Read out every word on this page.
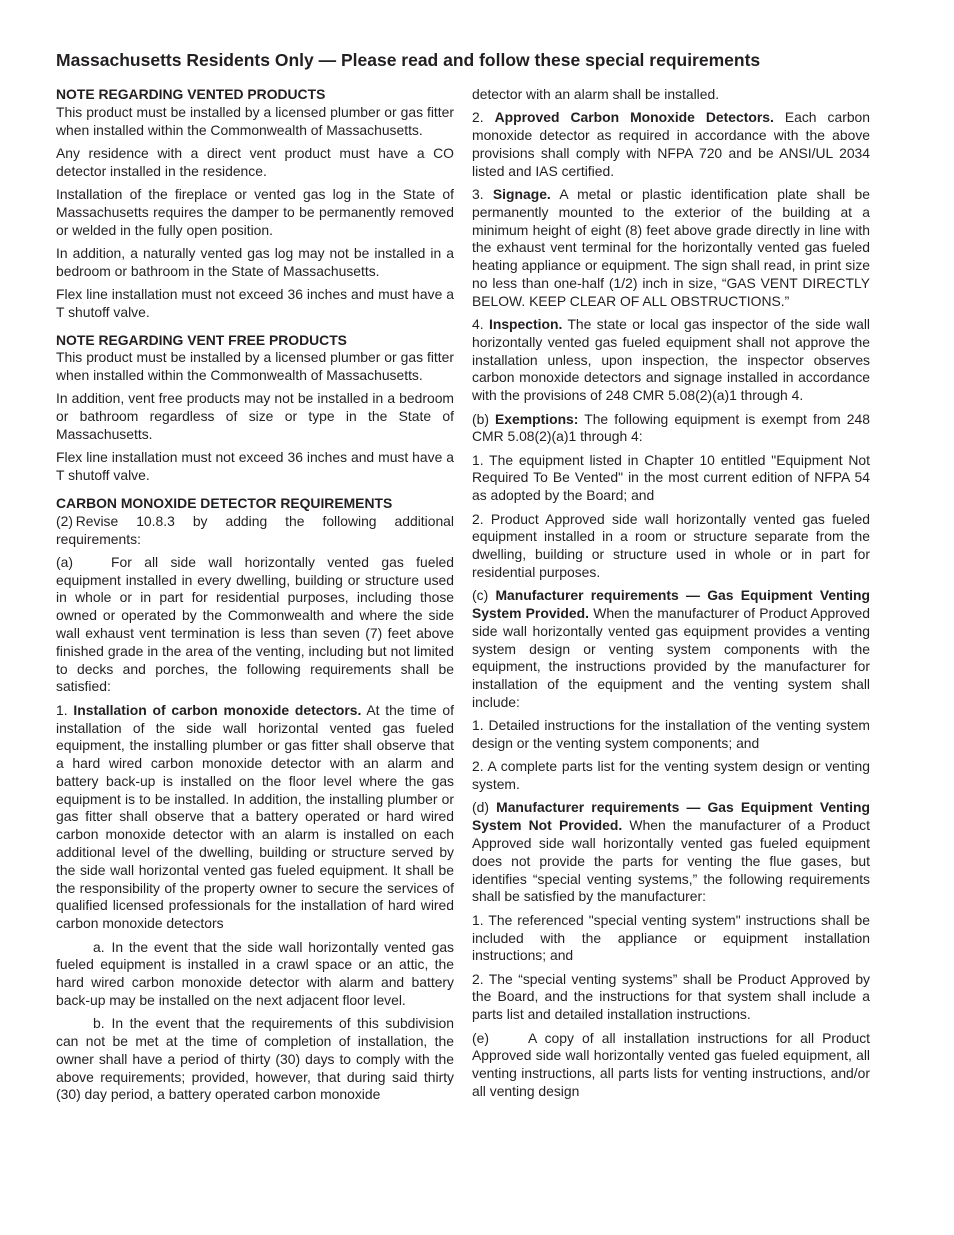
Massachusetts Residents Only — Please read and follow these special requirements
NOTE REGARDING VENTED PRODUCTS

This product must be installed by a licensed plumber or gas fitter when installed within the Commonwealth of Massachusetts.

Any residence with a direct vent product must have a CO detector installed in the residence.

Installation of the fireplace or vented gas log in the State of Massachusetts requires the damper to be permanently removed or welded in the fully open position.

In addition, a naturally vented gas log may not be installed in a bedroom or bathroom in the State of Massachusetts.

Flex line installation must not exceed 36 inches and must have a T shutoff valve.

NOTE REGARDING VENT FREE PRODUCTS

This product must be installed by a licensed plumber or gas fitter when installed within the Commonwealth of Massachusetts.

In addition, vent free products may not be installed in a bedroom or bathroom regardless of size or type in the State of Massachusetts.

Flex line installation must not exceed 36 inches and must have a T shutoff valve.

CARBON MONOXIDE DETECTOR REQUIREMENTS

(2) Revise 10.8.3 by adding the following additional requirements:

(a)	For all side wall horizontally vented gas fueled equipment installed in every dwelling, building or structure used in whole or in part for residential purposes, including those owned or operated by the Commonwealth and where the side wall exhaust vent termination is less than seven (7) feet above finished grade in the area of the venting, including but not limited to decks and porches, the following requirements shall be satisfied:

1. Installation of carbon monoxide detectors. At the time of installation of the side wall horizontal vented gas fueled equipment, the installing plumber or gas fitter shall observe that a hard wired carbon monoxide detector with an alarm and battery back-up is installed on the floor level where the gas equipment is to be installed. In addition, the installing plumber or gas fitter shall observe that a battery operated or hard wired carbon monoxide detector with an alarm is installed on each additional level of the dwelling, building or structure served by the side wall horizontal vented gas fueled equipment. It shall be the responsibility of the property owner to secure the services of qualified licensed professionals for the installation of hard wired carbon monoxide detectors

a. In the event that the side wall horizontally vented gas fueled equipment is installed in a crawl space or an attic, the hard wired carbon monoxide detector with alarm and battery back-up may be installed on the next adjacent floor level.

b. In the event that the requirements of this subdivision can not be met at the time of completion of installation, the owner shall have a period of thirty (30) days to comply with the above requirements; provided, however, that during said thirty (30) day period, a battery operated carbon monoxide

detector with an alarm shall be installed.

2. Approved Carbon Monoxide Detectors. Each carbon monoxide detector as required in accordance with the above provisions shall comply with NFPA 720 and be ANSI/UL 2034 listed and IAS certified.

3. Signage. A metal or plastic identification plate shall be permanently mounted to the exterior of the building at a minimum height of eight (8) feet above grade directly in line with the exhaust vent terminal for the horizontally vented gas fueled heating appliance or equipment. The sign shall read, in print size no less than one-half (1/2) inch in size, “GAS VENT DIRECTLY BELOW. KEEP CLEAR OF ALL OBSTRUCTIONS.”

4. Inspection. The state or local gas inspector of the side wall horizontally vented gas fueled equipment shall not approve the installation unless, upon inspection, the inspector observes carbon monoxide detectors and signage installed in accordance with the provisions of 248 CMR 5.08(2)(a)1 through 4.

(b) Exemptions: The following equipment is exempt from 248 CMR 5.08(2)(a)1 through 4:

1. The equipment listed in Chapter 10 entitled "Equipment Not Required To Be Vented" in the most current edition of NFPA 54 as adopted by the Board; and

2. Product Approved side wall horizontally vented gas fueled equipment installed in a room or structure separate from the dwelling, building or structure used in whole or in part for residential purposes.

(c) Manufacturer requirements — Gas Equipment Venting System Provided. When the manufacturer of Product Approved side wall horizontally vented gas equipment provides a venting system design or venting system components with the equipment, the instructions provided by the manufacturer for installation of the equipment and the venting system shall include:

1. Detailed instructions for the installation of the venting system design or the venting system components; and

2. A complete parts list for the venting system design or venting system.

(d) Manufacturer requirements — Gas Equipment Venting System Not Provided. When the manufacturer of a Product Approved side wall horizontally vented gas fueled equipment does not provide the parts for venting the flue gases, but identifies “special venting systems,” the following requirements shall be satisfied by the manufacturer:

1. The referenced "special venting system" instructions shall be included with the appliance or equipment installation instructions; and

2. The “special venting systems” shall be Product Approved by the Board, and the instructions for that system shall include a parts list and detailed installation instructions.

(e)	A copy of all installation instructions for all Product Approved side wall horizontally vented gas fueled equipment, all venting instructions, all parts lists for venting instructions, and/or all venting design
